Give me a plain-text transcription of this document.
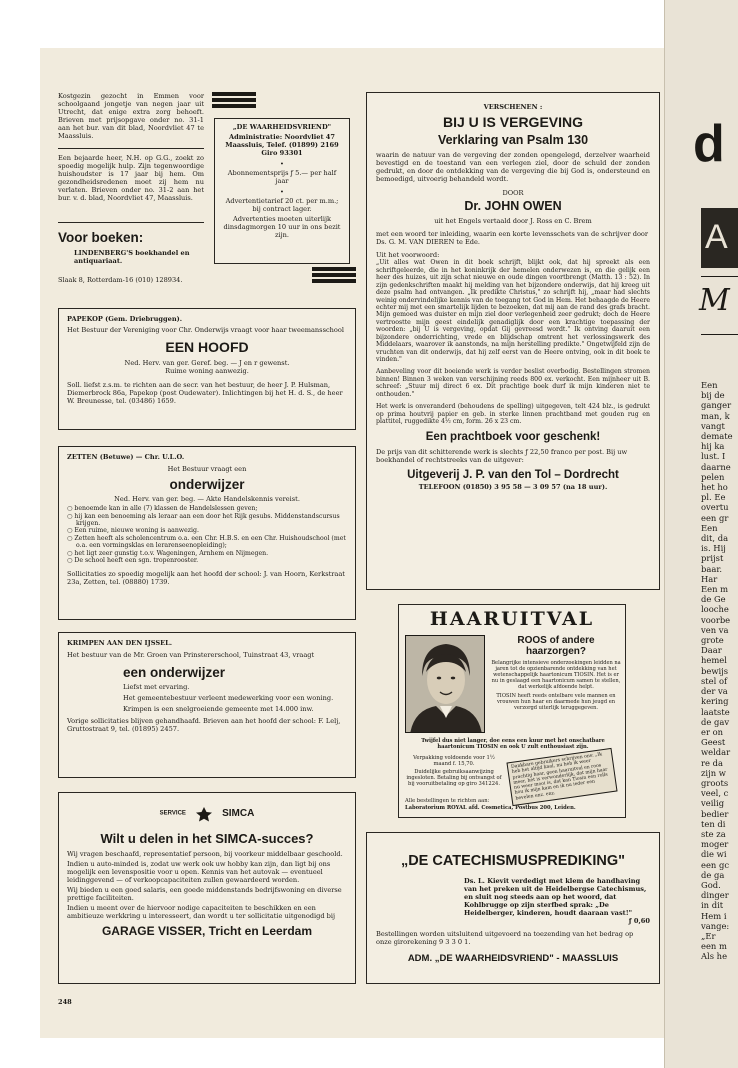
Kostgezin gezocht in Emmen voor schoolgaand jongetje van negen jaar uit Utrecht, dat enige extra zorg behoeft. Brieven met prijsopgave onder no. 31-1 aan het bur. van dit blad, Noordvliet 47 te Maassluis.
Een bejaarde heer, N.H. op G.G., zoekt zo spoedig mogelijk hulp. Zijn tegenwoordige huishoudster is 17 jaar bij hem. Om gezondheidsredenen moet zij hem nu verlaten. Brieven onder no. 31-2 aan het bur. v. d. blad, Noordvliet 47, Maassluis.
Voor boeken:
LINDENBERG'S boekhandel en antiquariaat.
Slaak 8, Rotterdam-16 (010) 128934.
„DE WAARHEIDSVRIEND"
Administratie: Noordvliet 47 Maassluis, Telef. (01899) 2169 Giro 93301
•
Abonnementsprijs ƒ 5.— per half jaar
•
Advertentietarief 20 ct. per m.m.; bij contract lager.
Advertenties moeten uiterlijk dinsdagmorgen 10 uur in ons bezit zijn.
PAPEKOP (Gem. Driebruggen).
Het Bestuur der Vereniging voor Chr. Onderwijs vraagt voor haar tweemansschool
EEN HOOFD
Ned. Herv. van ger. Geref. beg. — J en r gewenst.
Ruime woning aanwezig.
Soll. liefst z.s.m. te richten aan de secr. van het bestuur, de heer J. P. Hulsman, Diemerbrock 86a, Papekop (post Oudewater). Inlichtingen bij het H. d. S., de heer W. Breunesse, tel. (03486) 1659.
ZETTEN (Betuwe) — Chr. U.L.O.
Het Bestuur vraagt een
onderwijzer
Ned. Herv. van ger. beg. — Akte Handelskennis vereist.
○ benoemde kan in alle (7) klassen de Handelslessen geven;
○ hij kan een benoeming als leraar aan een door het Rijk gesubs. Middenstandscursus krijgen.
○ Een ruime, nieuwe woning is aanwezig.
○ Zetten heeft als scholencentrum o.a. een Chr. H.B.S. en een Chr. Huishoudschool (met o.a. een vormingsklas en lerarenseenopleiding);
○ het ligt zeer gunstig t.o.v. Wageningen, Arnhem en Nijmegen.
○ De school heeft een sgn. tropenrooster.
Sollicitaties zo spoedig mogelijk aan het hoofd der school: J. van Hoorn, Kerkstraat 23a, Zetten, tel. (08880) 1739.
KRIMPEN AAN DEN IJSSEL.
Het bestuur van de Mr. Groen van Prinstererschool, Tuinstraat 43, vraagt
een onderwijzer
Liefst met ervaring.
Het gemeentebestuur verleent medewerking voor een woning.
Krimpen is een snelgroeiende gemeente met 14.000 inw.
Vorige sollicitaties blijven gehandhaafd. Brieven aan het hoofd der school: F. Lelj, Gruttostraat 9, tel. (01895) 2457.
SERVICE	SIMCA
Wilt u delen in het SIMCA-succes?
Wij vragen beschaafd, representatief persoon, bij voorkeur middelbaar geschoold.
Indien u auto-minded is, zodat uw werk ook uw hobby kan zijn, dan ligt bij ons mogelijk een levenspositie voor u open. Kennis van het autovak — eventueel leidinggevend — of verkoopcapaciteiten zullen gewaardeerd worden.
Wij bieden u een goed salaris, een goede middenstands bedrijfswoning en diverse prettige faciliteiten.
Indien u meent over de hiervoor nodige capaciteiten te beschikken en een ambitieuze werkkring u interesseert, dan wordt u ter sollicitatie uitgenodigd bij
GARAGE VISSER, Tricht en Leerdam
248
VERSCHENEN :
BIJ U IS VERGEVING
Verklaring van Psalm 130
waarin de natuur van de vergeving der zonden opengelegd, derzelver waarheid bevestigd en de toestand van een verlegen ziel, door de schuld der zonden gedrukt, en door de ontdekking van de vergeving die bij God is, ondersteund en bemoedigd, uitvoerig behandeld wordt.
DOOR
Dr. JOHN OWEN
uit het Engels vertaald door J. Ross en C. Brem
met een woord ter inleiding, waarin een korte levensschets van de schrijver door Ds. G. M. VAN DIEREN te Ede.
Uit het voorwoord:
„Uit alles wat Owen in dit boek schrijft, blijkt ook, dat hij spreekt als een schriftgeleerde, die in het koninkrijk der hemelen onderwezen is, en die gelijk een heer des huizes, uit zijn schat nieuwe en oude dingen voortbrengt (Matth. 13 : 52). In zijn gedenkschriften maakt hij melding van het bijzondere onderwijs, dat hij kreeg uit deze psalm had ontvangen. „Ik predikte Christus," zo schrijft hij, „maar had slechts weinig ondervindelijke kennis van de toegang tot God in Hem. Het behaagde de Heere echter mij met een smartelijk lijden te bezoeken, dat mij aan de rand des grafs bracht. Mijn gemoed was duister en mijn ziel door verlegenheid zeer gedrukt; doch de Heere vertroostte mijn geest eindelijk genadiglijk door een krachtige toepassing der woorden: „bij U is vergeving, opdat Gij gevreesd wordt." Ik ontving daaruit een bijzondere onderrichting, vrede en blijdschap omtrent het verlossingswerk des Middelaars, waarover ik aanstonds, na mijn herstelling predikte." Ongetwijfeld zijn de vruchten van dit onderwijs, dat hij zelf eerst van de Heere ontving, ook in dit boek te vinden."
Aanbeveling voor dit boeiende werk is verder beslist overbodig. Bestellingen stromen binnen! Binnen 3 weken van verschijning reeds 800 ex. verkocht. Een mijnheer uit B. schreef: „Stuur mij direct 6 ex. Dit prachtige boek durf ik mijn kinderen niet te onthouden."
Het werk is onveranderd (behoudens de spelling) uitgegeven, telt 424 blz., is gedrukt op prima houtvrij papier en geb. in sterke linnen prachtband met gouden rug en plattitel, ruggedikte 4½ cm, form. 26 x 23 cm.
Een prachtboek voor geschenk!
De prijs van dit schitterende werk is slechts ƒ 22,50 franco per post. Bij uw boekhandel of rechtstreeks van de uitgever:
Uitgeverij J. P. van den Tol – Dordrecht
TELEFOON (01850) 3 95 58 — 3 09 57 (na 18 uur).
HAARUITVAL
ROOS of andere
haarzorgen?
Belangrijke intensieve onderzoekingen leidden na jaren tot de opzienbarende ontdekking van het wetenschappelijk haartonicum TIOSIN. Het is er nu in geslaagd een haartonicum samen te stellen, dat werkelijk afdoende helpt.
TIOSIN heeft reeds ontelbare vele mannen en vrouwen hun haar en daarmede hun jeugd en verzorgd uiterlijk teruggegeven.
Twijfel dus niet langer, doe eens een kuur met het onschatbare haartonicum TIOSIN en ook U zult enthousiast zijn.
Verpakking voldoende voor 1½ maand f. 15,70.
Duidelijke gebruiksaanwijzing ingesloten. Betaling bij ontvangst of bij vooruitbetaling op giro 341224.
Alle bestellingen te richten aan:
Laboratorium ROYAL afd. Cosmetica, Postbus 200, Leiden.
Dankbare gebruikers schrijven ons: „Ik heb het altijd kaal, nu heb ik weer prachtig haar, geen haaruitval en roos meer, het is verwonderlijk, dat mijn haar nu weer mooi is, dat kan Tiosin een rolls hou ik mijn kam en ik nu ieder een bevelen enz. enz.
„DE CATECHISMUSPREDIKING"
Ds. L. Kievit verdedigt met klem de handhaving van het preken uit de Heidelbergse Catechismus, en sluit nog steeds aan op het woord, dat Kohlbrugge op zijn sterfbed sprak: „De Heidelberger, kinderen, houdt daaraan vast!"
ƒ 0,60
Bestellingen worden uitsluitend uitgevoerd na toezending van het bedrag op onze girorekening 9 3 3 0 1.
ADM. „DE WAARHEIDSVRIEND" - MAASSLUIS
d
A
M
Een
bij de
ganger
man, k
vangt
demate
hij ka
lust. I
daarne
pelen
het ho
pl. Ee
overtu
een gr
Een
dit, da
is. Hij
prijst
baar.
Har
Een m
de Ge
looche
voorbe
ven va
grote
Daar
hemel
bewijs
stel of
der va
kering
laatste
de gav
er on
Geest
weldar
re da
zijn w
groots
veel, c
veilig
bedier
ten di
ste za
moger
die wi
een gc
de ga
God.
dinger
in dit
Hem i
vange:
„Er
een m
Als he
